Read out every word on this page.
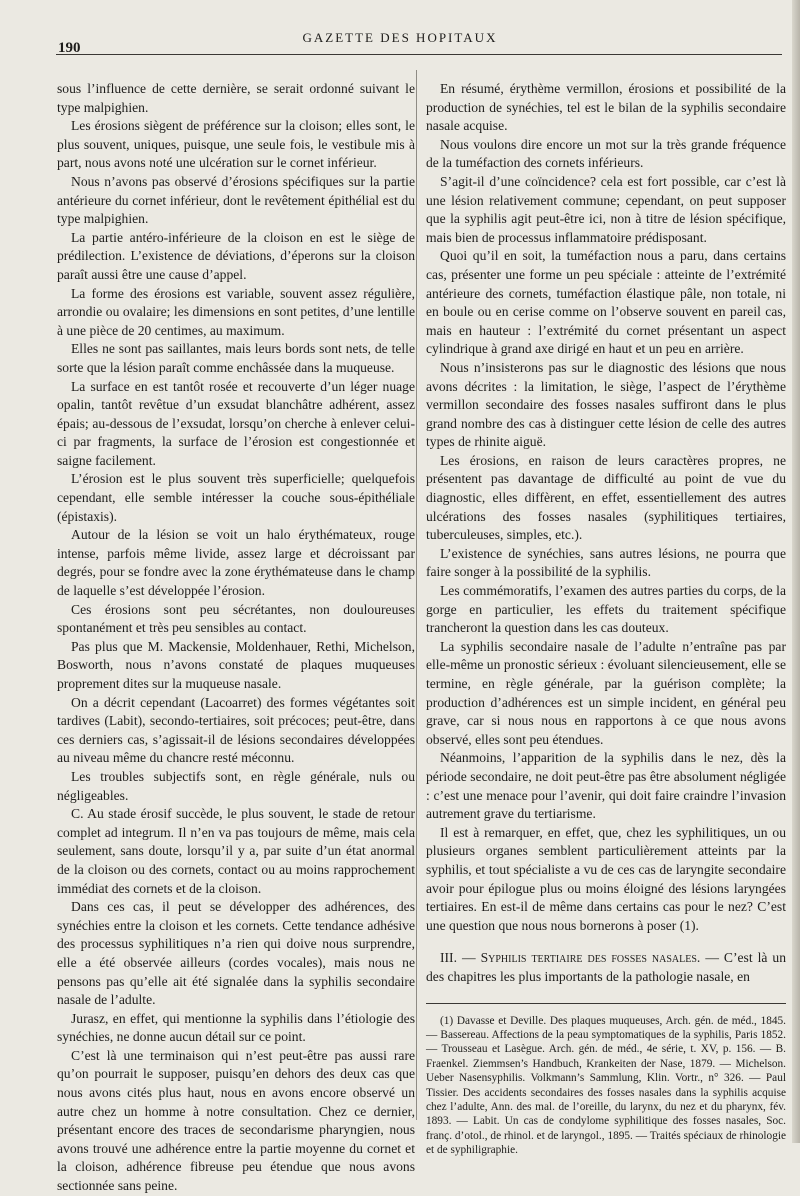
190
GAZETTE DES HOPITAUX

sous l’influence de cette dernière, se serait ordonné suivant le type malpighien.

Les érosions siègent de préférence sur la cloison; elles sont, le plus souvent, uniques, puisque, une seule fois, le vestibule mis à part, nous avons noté une ulcération sur le cornet inférieur.

Nous n’avons pas observé d’érosions spécifiques sur la partie antérieure du cornet inférieur, dont le revêtement épithélial est du type malpighien.

La partie antéro-inférieure de la cloison en est le siège de prédilection. L’existence de déviations, d’éperons sur la cloison paraît aussi être une cause d’appel.

La forme des érosions est variable, souvent assez régulière, arrondie ou ovalaire; les dimensions en sont petites, d’une lentille à une pièce de 20 centimes, au maximum.

Elles ne sont pas saillantes, mais leurs bords sont nets, de telle sorte que la lésion paraît comme enchâssée dans la muqueuse.

La surface en est tantôt rosée et recouverte d’un léger nuage opalin, tantôt revêtue d’un exsudat blanchâtre adhérent, assez épais; au-dessous de l’exsudat, lorsqu’on cherche à enlever celui-ci par fragments, la surface de l’érosion est congestionnée et saigne facilement.

L’érosion est le plus souvent très superficielle; quelquefois cependant, elle semble intéresser la couche sous-épithéliale (épistaxis).

Autour de la lésion se voit un halo érythémateux, rouge intense, parfois même livide, assez large et décroissant par degrés, pour se fondre avec la zone érythémateuse dans le champ de laquelle s’est développée l’érosion.

Ces érosions sont peu sécrétantes, non douloureuses spontanément et très peu sensibles au contact.

Pas plus que M. Mackensie, Moldenhauer, Rethi, Michelson, Bosworth, nous n’avons constaté de plaques muqueuses proprement dites sur la muqueuse nasale.

On a décrit cependant (Lacoarret) des formes végétantes soit tardives (Labit), secondo-tertiaires, soit précoces; peut-être, dans ces derniers cas, s’agissait-il de lésions secondaires développées au niveau même du chancre resté méconnu.

Les troubles subjectifs sont, en règle générale, nuls ou négligeables.

C. Au stade érosif succède, le plus souvent, le stade de retour complet ad integrum. Il n’en va pas toujours de même, mais cela seulement, sans doute, lorsqu’il y a, par suite d’un état anormal de la cloison ou des cornets, contact ou au moins rapprochement immédiat des cornets et de la cloison.

Dans ces cas, il peut se développer des adhérences, des synéchies entre la cloison et les cornets. Cette tendance adhésive des processus syphilitiques n’a rien qui doive nous surprendre, elle a été observée ailleurs (cordes vocales), mais nous ne pensons pas qu’elle ait été signalée dans la syphilis secondaire nasale de l’adulte.

Jurasz, en effet, qui mentionne la syphilis dans l’étiologie des synéchies, ne donne aucun détail sur ce point.

C’est là une terminaison qui n’est peut-être pas aussi rare qu’on pourrait le supposer, puisqu’en dehors des deux cas que nous avons cités plus haut, nous en avons encore observé un autre chez un homme à notre consultation. Chez ce dernier, présentant encore des traces de secondarisme pharyngien, nous avons trouvé une adhérence entre la partie moyenne du cornet et la cloison, adhérence fibreuse peu étendue que nous avons sectionnée sans peine.

En résumé, érythème vermillon, érosions et possibilité de la production de synéchies, tel est le bilan de la syphilis secondaire nasale acquise.

Nous voulons dire encore un mot sur la très grande fréquence de la tuméfaction des cornets inférieurs.

S’agit-il d’une coïncidence? cela est fort possible, car c’est là une lésion relativement commune; cependant, on peut supposer que la syphilis agit peut-être ici, non à titre de lésion spécifique, mais bien de processus inflammatoire prédisposant.

Quoi qu’il en soit, la tuméfaction nous a paru, dans certains cas, présenter une forme un peu spéciale : atteinte de l’extrémité antérieure des cornets, tuméfaction élastique pâle, non totale, ni en boule ou en cerise comme on l’observe souvent en pareil cas, mais en hauteur : l’extrémité du cornet présentant un aspect cylindrique à grand axe dirigé en haut et un peu en arrière.

Nous n’insisterons pas sur le diagnostic des lésions que nous avons décrites : la limitation, le siège, l’aspect de l’érythème vermillon secondaire des fosses nasales suffiront dans le plus grand nombre des cas à distinguer cette lésion de celle des autres types de rhinite aiguë.

Les érosions, en raison de leurs caractères propres, ne présentent pas davantage de difficulté au point de vue du diagnostic, elles diffèrent, en effet, essentiellement des autres ulcérations des fosses nasales (syphilitiques tertiaires, tuberculeuses, simples, etc.).

L’existence de synéchies, sans autres lésions, ne pourra que faire songer à la possibilité de la syphilis.

Les commémoratifs, l’examen des autres parties du corps, de la gorge en particulier, les effets du traitement spécifique trancheront la question dans les cas douteux.

La syphilis secondaire nasale de l’adulte n’entraîne pas par elle-même un pronostic sérieux : évoluant silencieusement, elle se termine, en règle générale, par la guérison complète; la production d’adhérences est un simple incident, en général peu grave, car si nous nous en rapportons à ce que nous avons observé, elles sont peu étendues.

Néanmoins, l’apparition de la syphilis dans le nez, dès la période secondaire, ne doit peut-être pas être absolument négligée : c’est une menace pour l’avenir, qui doit faire craindre l’invasion autrement grave du tertiarisme.

Il est à remarquer, en effet, que, chez les syphilitiques, un ou plusieurs organes semblent particulièrement atteints par la syphilis, et tout spécialiste a vu de ces cas de laryngite secondaire avoir pour épilogue plus ou moins éloigné des lésions laryngées tertiaires. En est-il de même dans certains cas pour le nez? C’est une question que nous nous bornerons à poser (1).

III. — Syphilis tertiaire des fosses nasales. — C’est là un des chapitres les plus importants de la pathologie nasale, en

(1) Davasse et Deville. Des plaques muqueuses, Arch. gén. de méd., 1845.— Bassereau. Affections de la peau symptomatiques de la syphilis, Paris 1852. — Trousseau et Lasègue. Arch. gén. de méd., 4e série, t. XV, p. 156. — B. Fraenkel. Ziemmsen’s Handbuch, Krankeiten der Nase, 1879. — Michelson. Ueber Nasensyphilis. Volkmann’s Sammlung, Klin. Vortr., n° 326. — Paul Tissier. Des accidents secondaires des fosses nasales dans la syphilis acquise chez l’adulte, Ann. des mal. de l’oreille, du larynx, du nez et du pharynx, fév. 1893. — Labit. Un cas de condylome syphilitique des fosses nasales, Soc. franç. d’otol., de rhinol. et de laryngol., 1895. — Traités spéciaux de rhinologie et de syphiligraphie.
